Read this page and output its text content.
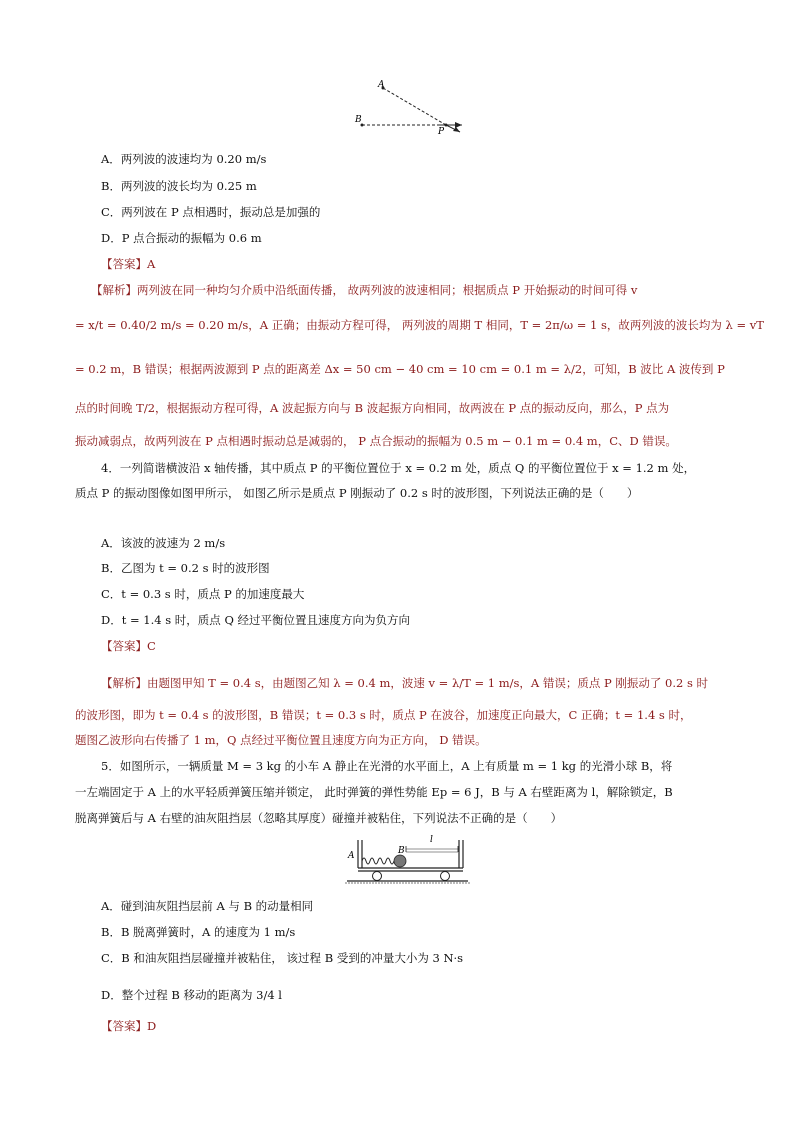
A
B
P
A．两列波的波速均为 0.20 m/s
B．两列波的波长均为 0.25 m
C．两列波在 P 点相遇时，振动总是加强的
D．P 点合振动的振幅为 0.6 m
【答案】A
【解析】两列波在同一种均匀介质中沿纸面传播， 故两列波的波速相同；根据质点 P 开始振动的时间可得 v
= x/t = 0.40/2 m/s = 0.20 m/s，A 正确；由振动方程可得， 两列波的周期 T 相同，T = 2π/ω = 1 s，故两列波的波长均为 λ = vT
= 0.2 m，B 错误；根据两波源到 P 点的距离差 Δx = 50 cm − 40 cm = 10 cm = 0.1 m = λ/2，可知，B 波比 A 波传到 P
点的时间晚 T/2，根据振动方程可得，A 波起振方向与 B 波起振方向相同，故两波在 P 点的振动反向，那么，P 点为
振动减弱点，故两列波在 P 点相遇时振动总是减弱的， P 点合振动的振幅为 0.5 m − 0.1 m = 0.4 m，C、D 错误。
4．一列简谐横波沿 x 轴传播，其中质点 P 的平衡位置位于 x = 0.2 m 处，质点 Q 的平衡位置位于 x = 1.2 m 处，
质点 P 的振动图像如图甲所示， 如图乙所示是质点 P 刚振动了 0.2 s 时的波形图，下列说法正确的是（　　）
A．该波的波速为 2 m/s
B．乙图为 t = 0.2 s 时的波形图
C．t = 0.3 s 时，质点 P 的加速度最大
D．t = 1.4 s 时，质点 Q 经过平衡位置且速度方向为负方向
【答案】C
【解析】由题图甲知 T = 0.4 s，由题图乙知 λ = 0.4 m，波速 v = λ/T = 1 m/s，A 错误；质点 P 刚振动了 0.2 s 时
的波形图，即为 t = 0.4 s 的波形图，B 错误；t = 0.3 s 时，质点 P 在波谷，加速度正向最大，C 正确；t = 1.4 s 时，
题图乙波形向右传播了 1 m，Q 点经过平衡位置且速度方向为正方向， D 错误。
5．如图所示，一辆质量 M = 3 kg 的小车 A 静止在光滑的水平面上，A 上有质量 m = 1 kg 的光滑小球 B，将
一左端固定于 A 上的水平轻质弹簧压缩并锁定， 此时弹簧的弹性势能 Ep = 6 J，B 与 A 右壁距离为 l，解除锁定，B
脱离弹簧后与 A 右壁的油灰阻挡层（忽略其厚度）碰撞并被粘住，下列说法不正确的是（　　）
A	B
l
A．碰到油灰阻挡层前 A 与 B 的动量相同
B．B 脱离弹簧时，A 的速度为 1 m/s
C．B 和油灰阻挡层碰撞并被粘住， 该过程 B 受到的冲量大小为 3 N·s
D．整个过程 B 移动的距离为 3/4 l
【答案】D
